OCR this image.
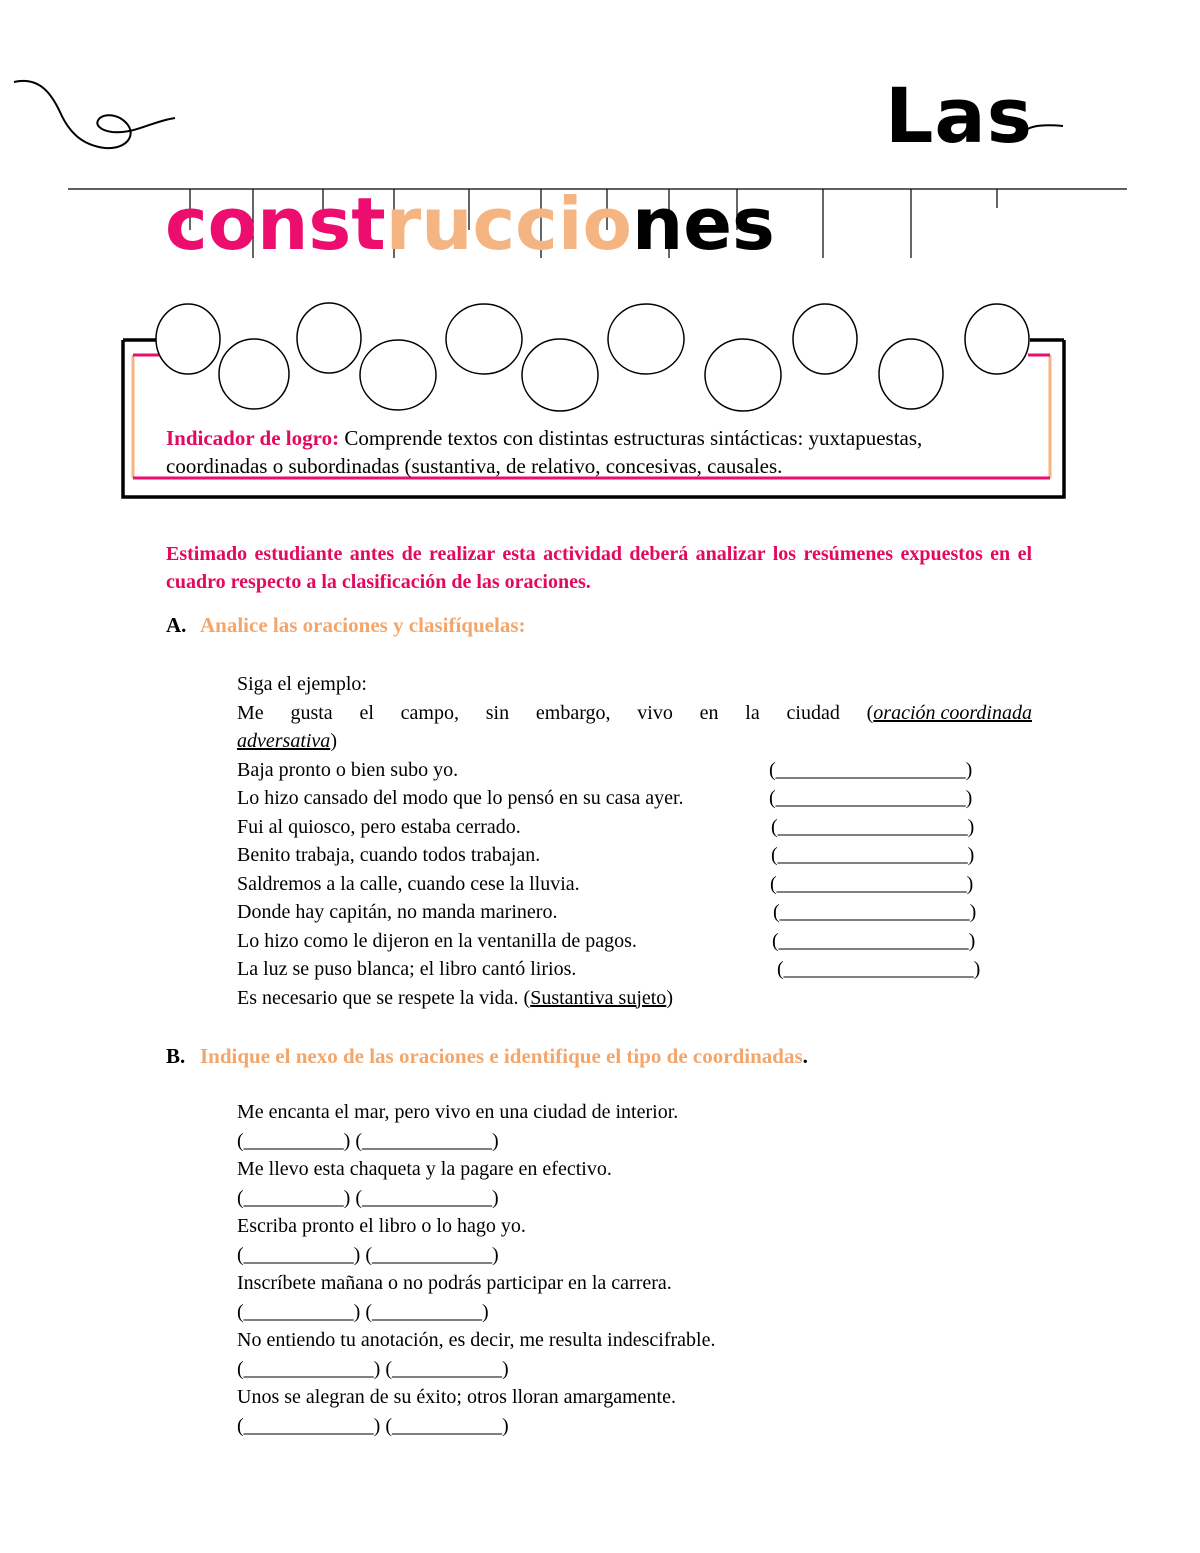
Las
construcciones
Indicador de logro: Comprende textos con distintas estructuras sintácticas: yuxtapuestas,
coordinadas o subordinadas (sustantiva, de relativo, concesivas, causales.
Estimado estudiante antes de realizar esta actividad deberá analizar los resúmenes expuestos en el cuadro respecto a la clasificación de las oraciones.
A. Analice las oraciones y clasifíquelas:
Siga el ejemplo:
Me gusta el campo, sin embargo, vivo en la ciudad (oración coordinada
adversativa)
Baja pronto o bien subo yo.	(___________________)
Lo hizo cansado del modo que lo pensó en su casa ayer.	(___________________)
Fui al quiosco, pero estaba cerrado.	(___________________)
Benito trabaja, cuando todos trabajan.	(___________________)
Saldremos a la calle, cuando cese la lluvia.	(___________________)
Donde hay capitán, no manda marinero.	(___________________)
Lo hizo como le dijeron en la ventanilla de pagos.	(___________________)
La luz se puso blanca; el libro cantó lirios.	(___________________)
Es necesario que se respete la vida. (Sustantiva sujeto)
B. Indique el nexo de las oraciones e identifique el tipo de coordinadas.
Me encanta el mar, pero vivo en una ciudad de interior.
(__________) (_____________)
Me llevo esta chaqueta y la pagare en efectivo.
(__________) (_____________)
Escriba pronto el libro o lo hago yo.
(___________) (____________)
Inscríbete mañana o no podrás participar en la carrera.
(___________) (___________)
No entiendo tu anotación, es decir, me resulta indescifrable.
(_____________) (___________)
Unos se alegran de su éxito; otros lloran amargamente.
(_____________) (___________)
